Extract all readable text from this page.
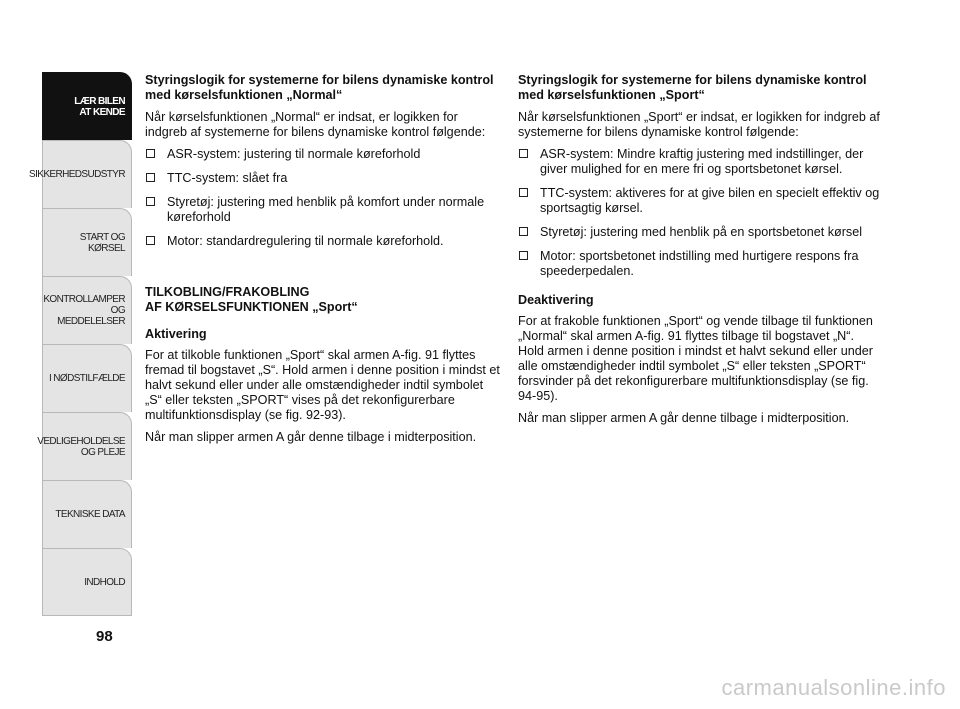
LÆR BILEN
AT KENDE
SIKKERHEDSUDSTYR
START OG KØRSEL
KONTROLLAMPER
OG MEDDELELSER
I NØDSTILFÆLDE
VEDLIGEHOLDELSE
OG PLEJE
TEKNISKE DATA
INDHOLD
98

Styringslogik for systemerne for bilens dynamiske kontrol med kørselsfunktionen „Normal“

Når kørselsfunktionen „Normal“ er indsat, er logikken for indgreb af systemerne for bilens dynamiske kontrol følgende:

ASR-system: justering til normale køreforhold
TTC-system: slået fra
Styretøj: justering med henblik på komfort under normale køreforhold
Motor: standardregulering til normale køreforhold.
TILKOBLING/FRAKOBLING
AF KØRSELSFUNKTIONEN „Sport“

Aktivering

For at tilkoble funktionen „Sport“ skal armen A-fig. 91 flyttes fremad til bogstavet „S“. Hold armen i denne position i mindst et halvt sekund eller under alle omstændigheder indtil symbolet „S“ eller teksten „SPORT“ vises på det rekonfigurerbare multifunktionsdisplay (se fig. 92-93).

Når man slipper armen A går denne tilbage i midterposition.

Styringslogik for systemerne for bilens dynamiske kontrol med kørselsfunktionen „Sport“

Når kørselsfunktionen „Sport“ er indsat, er logikken for indgreb af systemerne for bilens dynamiske kontrol følgende:

ASR-system: Mindre kraftig justering med indstillinger, der giver mulighed for en mere fri og sportsbetonet kørsel.
TTC-system: aktiveres for at give bilen en specielt effektiv og sportsagtig kørsel.
Styretøj: justering med henblik på en sportsbetonet kørsel
Motor: sportsbetonet indstilling med hurtigere respons fra speederpedalen.

Deaktivering

For at frakoble funktionen „Sport“ og vende tilbage til funktionen „Normal“ skal armen A-fig. 91 flyttes tilbage til bogstavet „N“. Hold armen i denne position i mindst et halvt sekund eller under alle omstændigheder indtil symbolet „S“ eller teksten „SPORT“ forsvinder på det rekonfigurerbare multifunktionsdisplay (se fig. 94-95).

Når man slipper armen A går denne tilbage i midterposition.

carmanualsonline.info
